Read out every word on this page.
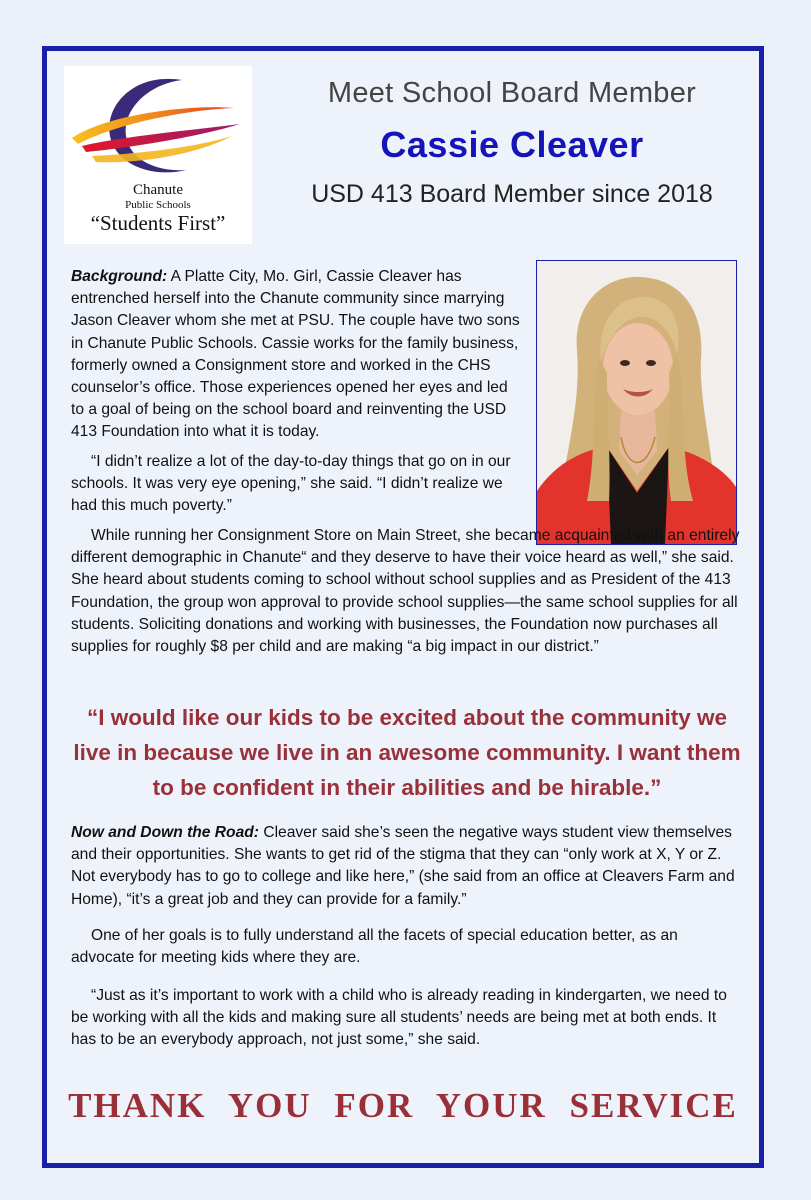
Chanute
Public Schools
“Students First”
Meet School Board Member
Cassie Cleaver
USD 413 Board Member since 2018
Background: A Platte City, Mo. Girl, Cassie Cleaver has entrenched herself into the Chanute community since marrying Jason Cleaver whom she met at PSU. The couple have two sons in Chanute Public Schools. Cassie works for the family business, formerly owned a Consignment store and worked in the CHS counselor’s office. Those experiences opened her eyes and led to a goal of being on the school board and reinventing the USD 413 Foundation into what it is today.
“I didn’t realize a lot of the day-to-day things that go on in our schools. It was very eye opening,” she said. “I didn’t realize we had this much poverty.”
While running her Consignment Store on Main Street, she became acquainted with an entirely different demographic in Chanute“ and they deserve to have their voice heard as well,” she said. She heard about students coming to school without school supplies and as President of the 413 Foundation, the group won approval to provide school supplies—the same school supplies for all students. Soliciting donations and working with businesses, the Foundation now purchases all supplies for roughly $8 per child and are making “a big impact in our district.”
“I would like our kids to be excited about the community we live in because we live in an awesome community. I want them to be confident in their abilities and be hirable.”
Now and Down the Road: Cleaver said she’s seen the negative ways student view themselves and their opportunities. She wants to get rid of the stigma that they can “only work at X, Y or Z. Not everybody has to go to college and like here,” (she said from an office at Cleavers Farm and Home), “it’s a great job and they can provide for a family.”
One of her goals is to fully understand all the facets of special education better, as an advocate for meeting kids where they are.
“Just as it’s important to work with a child who is already reading in kindergarten, we need to be working with all the kids and making sure all students’ needs are being met at both ends. It has to be an everybody approach, not just some,” she said.
THANK YOU FOR YOUR SERVICE
